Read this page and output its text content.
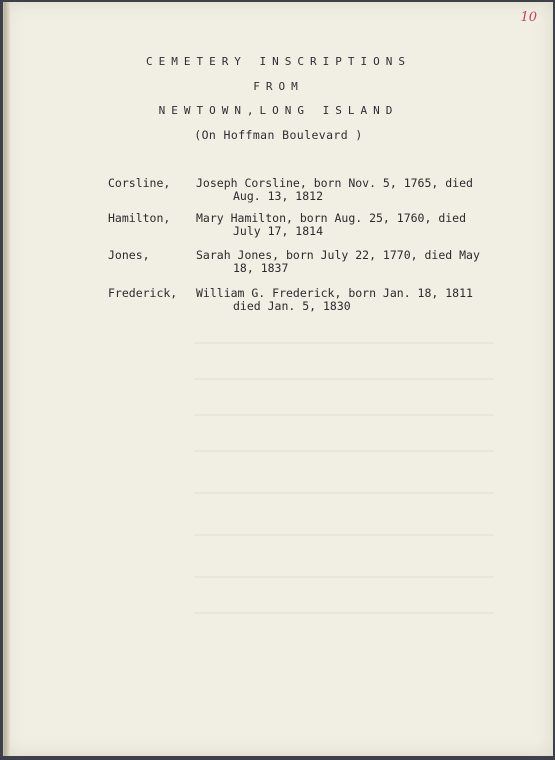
10
CEMETERY INSCRIPTIONS
FROM
NEWTOWN,LONG ISLAND
(On Hoffman Boulevard )
Corsline,	Joseph Corsline, born Nov. 5, 1765, died
Aug. 13, 1812
Hamilton,	Mary Hamilton, born Aug. 25, 1760, died
July 17, 1814
Jones,	Sarah Jones, born July 22, 1770, died May
18, 1837
Frederick,	William G. Frederick, born Jan. 18, 1811
died Jan. 5, 1830
